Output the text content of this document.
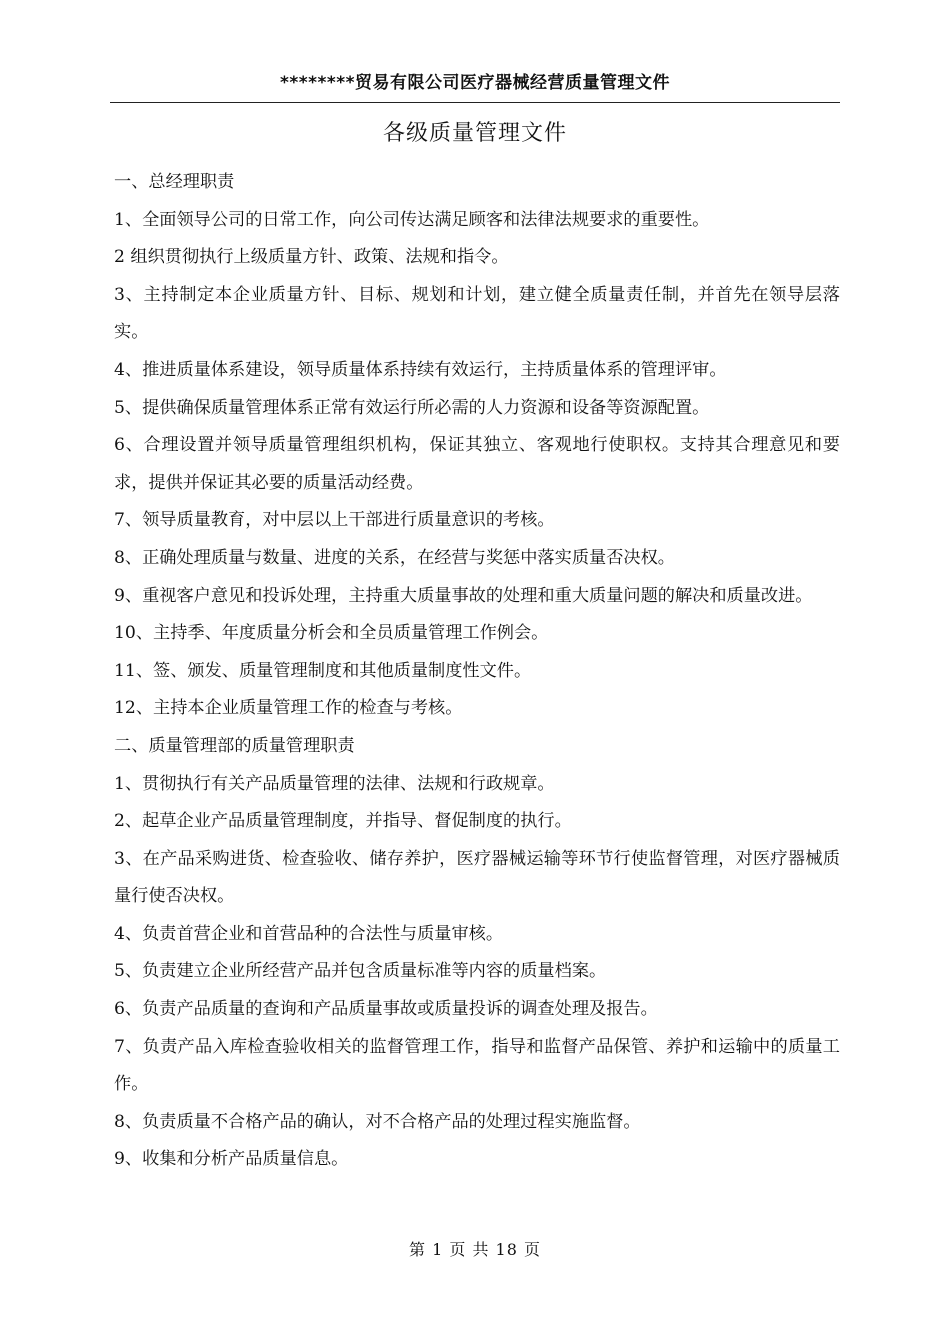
********贸易有限公司医疗器械经营质量管理文件
各级质量管理文件

一、总经理职责

1、全面领导公司的日常工作，向公司传达满足顾客和法律法规要求的重要性。

2 组织贯彻执行上级质量方针、政策、法规和指令。

3、主持制定本企业质量方针、目标、规划和计划，建立健全质量责任制，并首先在领导层落实。

4、推进质量体系建设，领导质量体系持续有效运行，主持质量体系的管理评审。

5、提供确保质量管理体系正常有效运行所必需的人力资源和设备等资源配置。

6、合理设置并领导质量管理组织机构，保证其独立、客观地行使职权。支持其合理意见和要求，提供并保证其必要的质量活动经费。

7、领导质量教育，对中层以上干部进行质量意识的考核。

8、正确处理质量与数量、进度的关系，在经营与奖惩中落实质量否决权。

9、重视客户意见和投诉处理，主持重大质量事故的处理和重大质量问题的解决和质量改进。

10、主持季、年度质量分析会和全员质量管理工作例会。

11、签、颁发、质量管理制度和其他质量制度性文件。

12、主持本企业质量管理工作的检查与考核。

二、质量管理部的质量管理职责

1、贯彻执行有关产品质量管理的法律、法规和行政规章。

2、起草企业产品质量管理制度，并指导、督促制度的执行。

3、在产品采购进货、检查验收、储存养护，医疗器械运输等环节行使监督管理，对医疗器械质量行使否决权。

4、负责首营企业和首营品种的合法性与质量审核。

5、负责建立企业所经营产品并包含质量标准等内容的质量档案。

6、负责产品质量的查询和产品质量事故或质量投诉的调查处理及报告。

7、负责产品入库检查验收相关的监督管理工作，指导和监督产品保管、养护和运输中的质量工作。

8、负责质量不合格产品的确认，对不合格产品的处理过程实施监督。

9、收集和分析产品质量信息。

第 1 页 共 18 页
